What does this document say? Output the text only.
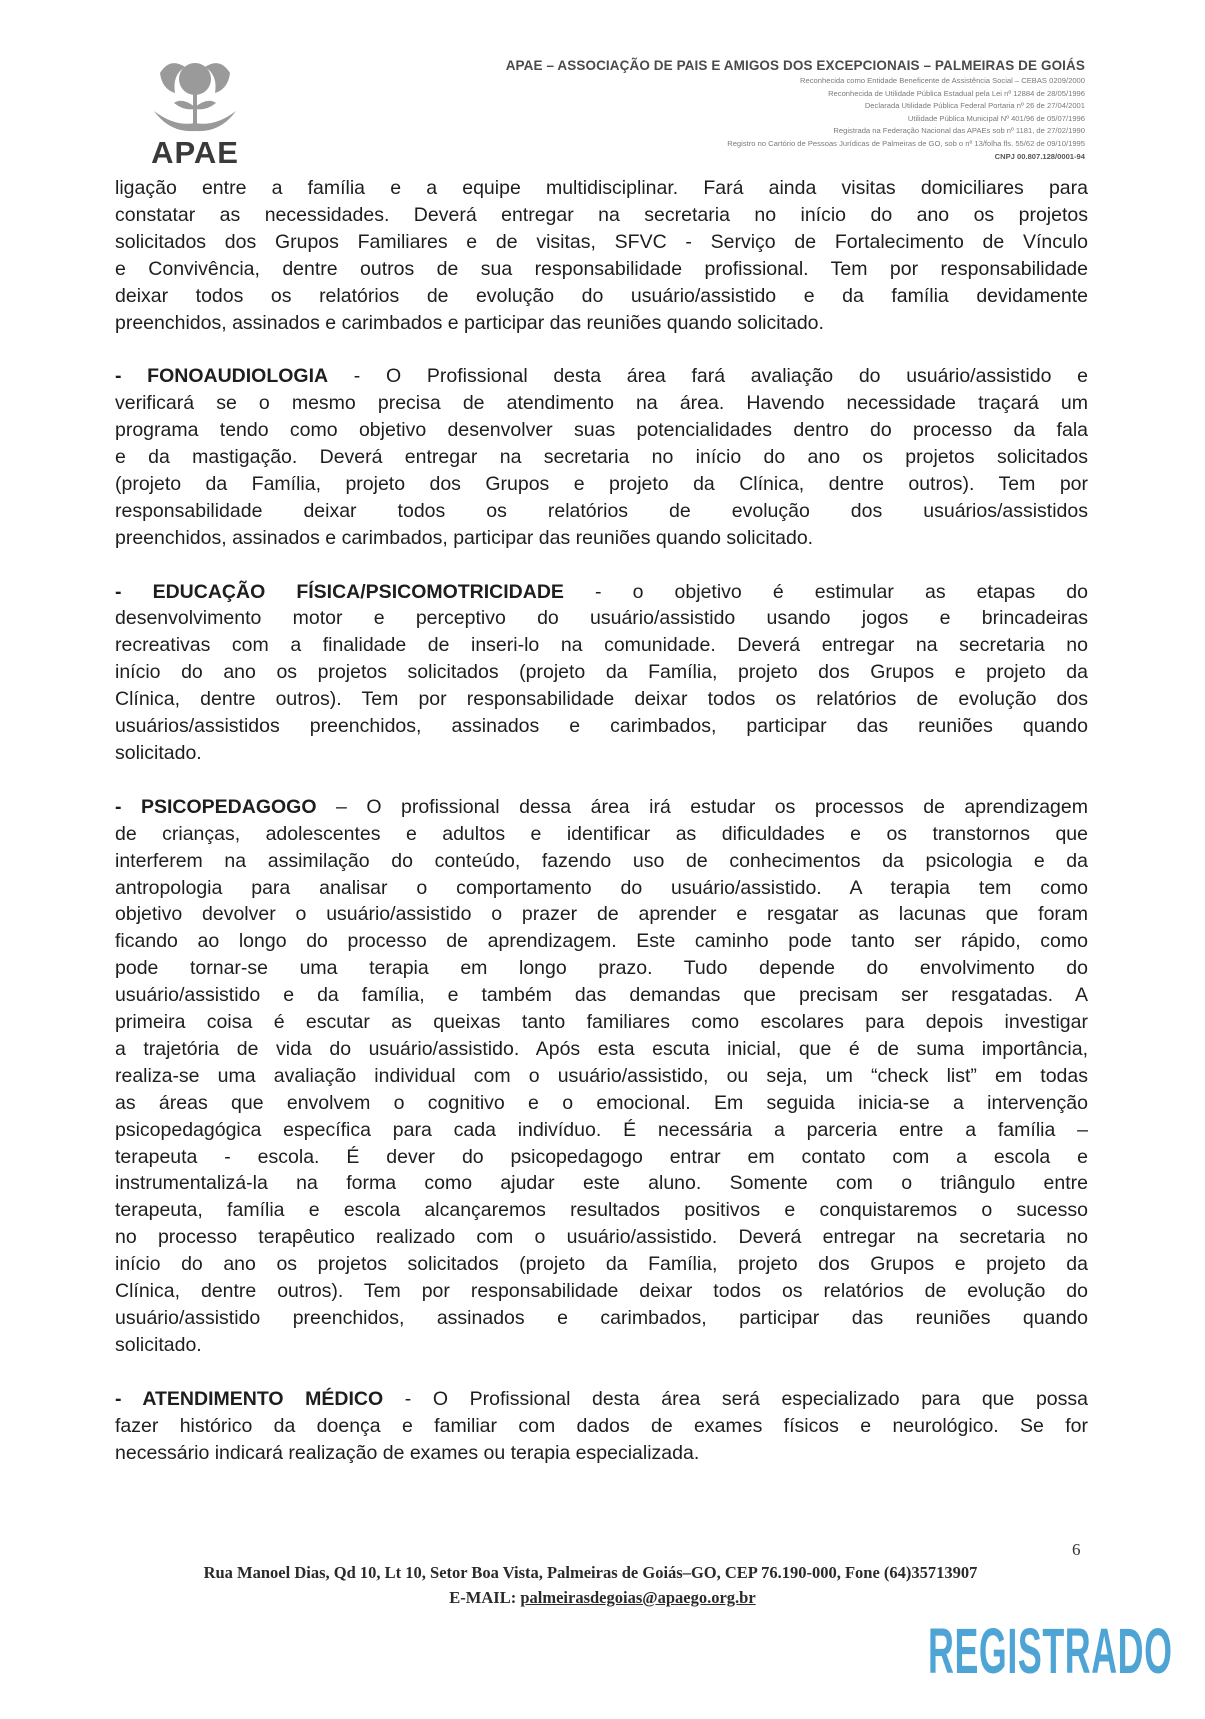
APAE
APAE – ASSOCIAÇÃO DE PAIS E AMIGOS DOS EXCEPCIONAIS – PALMEIRAS DE GOIÁS
Reconhecida como Entidade Beneficente de Assistência Social – CEBAS 0209/2000
Reconhecida de Utilidade Pública Estadual pela Lei nº 12884 de 28/05/1996
Declarada Utilidade Pública Federal Portaria nº 26 de 27/04/2001
Utilidade Pública Municipal Nº 401/96 de 05/07/1996
Registrada na Federação Nacional das APAEs sob nº 1181, de 27/02/1990
Registro no Cartório de Pessoas Jurídicas de Palmeiras de GO, sob o nº 13/folha fls. 55/62 de 09/10/1995
CNPJ 00.807.128/0001-94
ligação entre a família e a equipe multidisciplinar. Fará ainda visitas domiciliares para
constatar as necessidades. Deverá entregar na secretaria no início do ano os projetos
solicitados dos Grupos Familiares e de visitas, SFVC - Serviço de Fortalecimento de Vínculo
e Convivência, dentre outros de sua responsabilidade profissional. Tem por responsabilidade
deixar todos os relatórios de evolução do usuário/assistido e da família devidamente
preenchidos, assinados e carimbados e participar das reuniões quando solicitado.
- FONOAUDIOLOGIA - O Profissional desta área fará avaliação do usuário/assistido e
verificará se o mesmo precisa de atendimento na área. Havendo necessidade traçará um
programa tendo como objetivo desenvolver suas potencialidades dentro do processo da fala
e da mastigação. Deverá entregar na secretaria no início do ano os projetos solicitados
(projeto da Família, projeto dos Grupos e projeto da Clínica, dentre outros). Tem por
responsabilidade deixar todos os relatórios de evolução dos usuários/assistidos
preenchidos, assinados e carimbados, participar das reuniões quando solicitado.
- EDUCAÇÃO FÍSICA/PSICOMOTRICIDADE - o objetivo é estimular as etapas do
desenvolvimento motor e perceptivo do usuário/assistido usando jogos e brincadeiras
recreativas com a finalidade de inseri-lo na comunidade. Deverá entregar na secretaria no
início do ano os projetos solicitados (projeto da Família, projeto dos Grupos e projeto da
Clínica, dentre outros). Tem por responsabilidade deixar todos os relatórios de evolução dos
usuários/assistidos preenchidos, assinados e carimbados, participar das reuniões quando
solicitado.
- PSICOPEDAGOGO – O profissional dessa área irá estudar os processos de aprendizagem
de crianças, adolescentes e adultos e identificar as dificuldades e os transtornos que
interferem na assimilação do conteúdo, fazendo uso de conhecimentos da psicologia e da
antropologia para analisar o comportamento do usuário/assistido. A terapia tem como
objetivo devolver o usuário/assistido o prazer de aprender e resgatar as lacunas que foram
ficando ao longo do processo de aprendizagem. Este caminho pode tanto ser rápido, como
pode tornar-se uma terapia em longo prazo. Tudo depende do envolvimento do
usuário/assistido e da família, e também das demandas que precisam ser resgatadas. A
primeira coisa é escutar as queixas tanto familiares como escolares para depois investigar
a trajetória de vida do usuário/assistido. Após esta escuta inicial, que é de suma importância,
realiza-se uma avaliação individual com o usuário/assistido, ou seja, um “check list” em todas
as áreas que envolvem o cognitivo e o emocional. Em seguida inicia-se a intervenção
psicopedagógica específica para cada indivíduo. É necessária a parceria entre a família –
terapeuta - escola. É dever do psicopedagogo entrar em contato com a escola e
instrumentalizá-la na forma como ajudar este aluno. Somente com o triângulo entre
terapeuta, família e escola alcançaremos resultados positivos e conquistaremos o sucesso
no processo terapêutico realizado com o usuário/assistido. Deverá entregar na secretaria no
início do ano os projetos solicitados (projeto da Família, projeto dos Grupos e projeto da
Clínica, dentre outros). Tem por responsabilidade deixar todos os relatórios de evolução do
usuário/assistido preenchidos, assinados e carimbados, participar das reuniões quando
solicitado.
- ATENDIMENTO MÉDICO - O Profissional desta área será especializado para que possa
fazer histórico da doença e familiar com dados de exames físicos e neurológico. Se for
necessário indicará realização de exames ou terapia especializada.
6
Rua Manoel Dias, Qd 10, Lt 10, Setor Boa Vista, Palmeiras de Goiás–GO, CEP 76.190-000, Fone (64)35713907
E-MAIL: palmeirasdegoias@apaego.org.br
REGISTRADO
